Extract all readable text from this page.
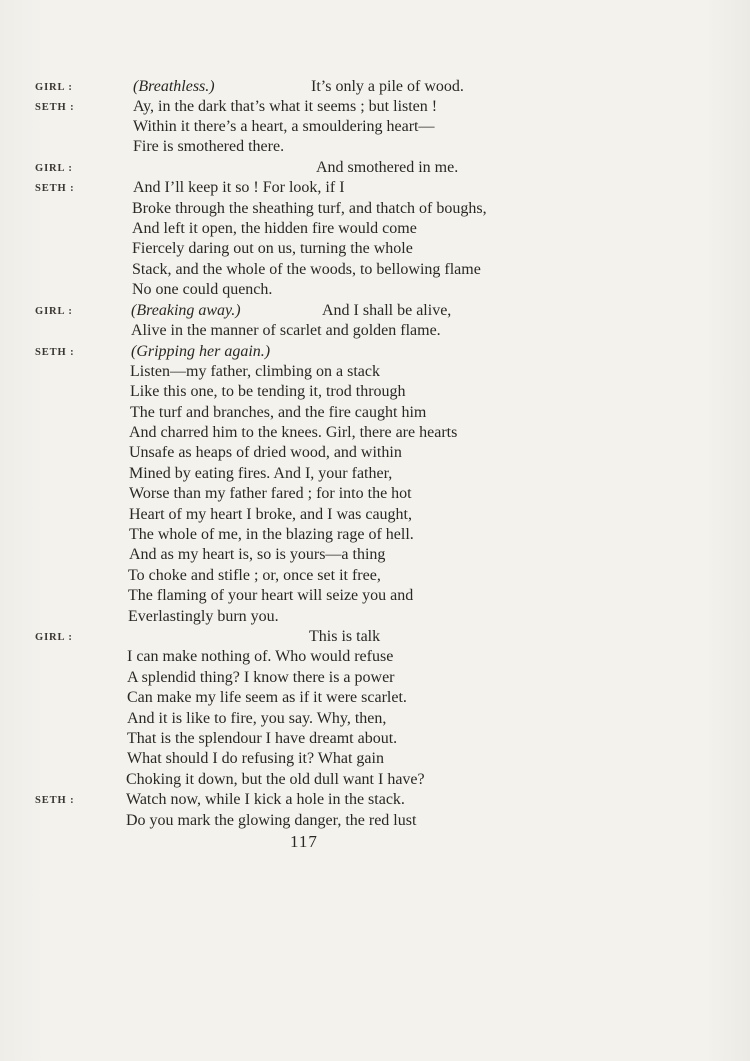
GIRL :	(Breathless.)	It’s only a pile of wood.
SETH :	Ay, in the dark that’s what it seems ; but listen !
Within it there’s a heart, a smouldering heart—
Fire is smothered there.
GIRL :	And smothered in me.
SETH :	And I’ll keep it so ! For look, if I
Broke through the sheathing turf, and thatch of boughs,
And left it open, the hidden fire would come
Fiercely daring out on us, turning the whole
Stack, and the whole of the woods, to bellowing flame
No one could quench.
GIRL :	(Breaking away.)	And I shall be alive,
Alive in the manner of scarlet and golden flame.
SETH :	(Gripping her again.)
Listen—my father, climbing on a stack
Like this one, to be tending it, trod through
The turf and branches, and the fire caught him
And charred him to the knees. Girl, there are hearts
Unsafe as heaps of dried wood, and within
Mined by eating fires. And I, your father,
Worse than my father fared ; for into the hot
Heart of my heart I broke, and I was caught,
The whole of me, in the blazing rage of hell.
And as my heart is, so is yours—a thing
To choke and stifle ; or, once set it free,
The flaming of your heart will seize you and
Everlastingly burn you.
GIRL :	This is talk
I can make nothing of. Who would refuse
A splendid thing? I know there is a power
Can make my life seem as if it were scarlet.
And it is like to fire, you say. Why, then,
That is the splendour I have dreamt about.
What should I do refusing it? What gain
Choking it down, but the old dull want I have?
SETH :	Watch now, while I kick a hole in the stack.
Do you mark the glowing danger, the red lust
117
